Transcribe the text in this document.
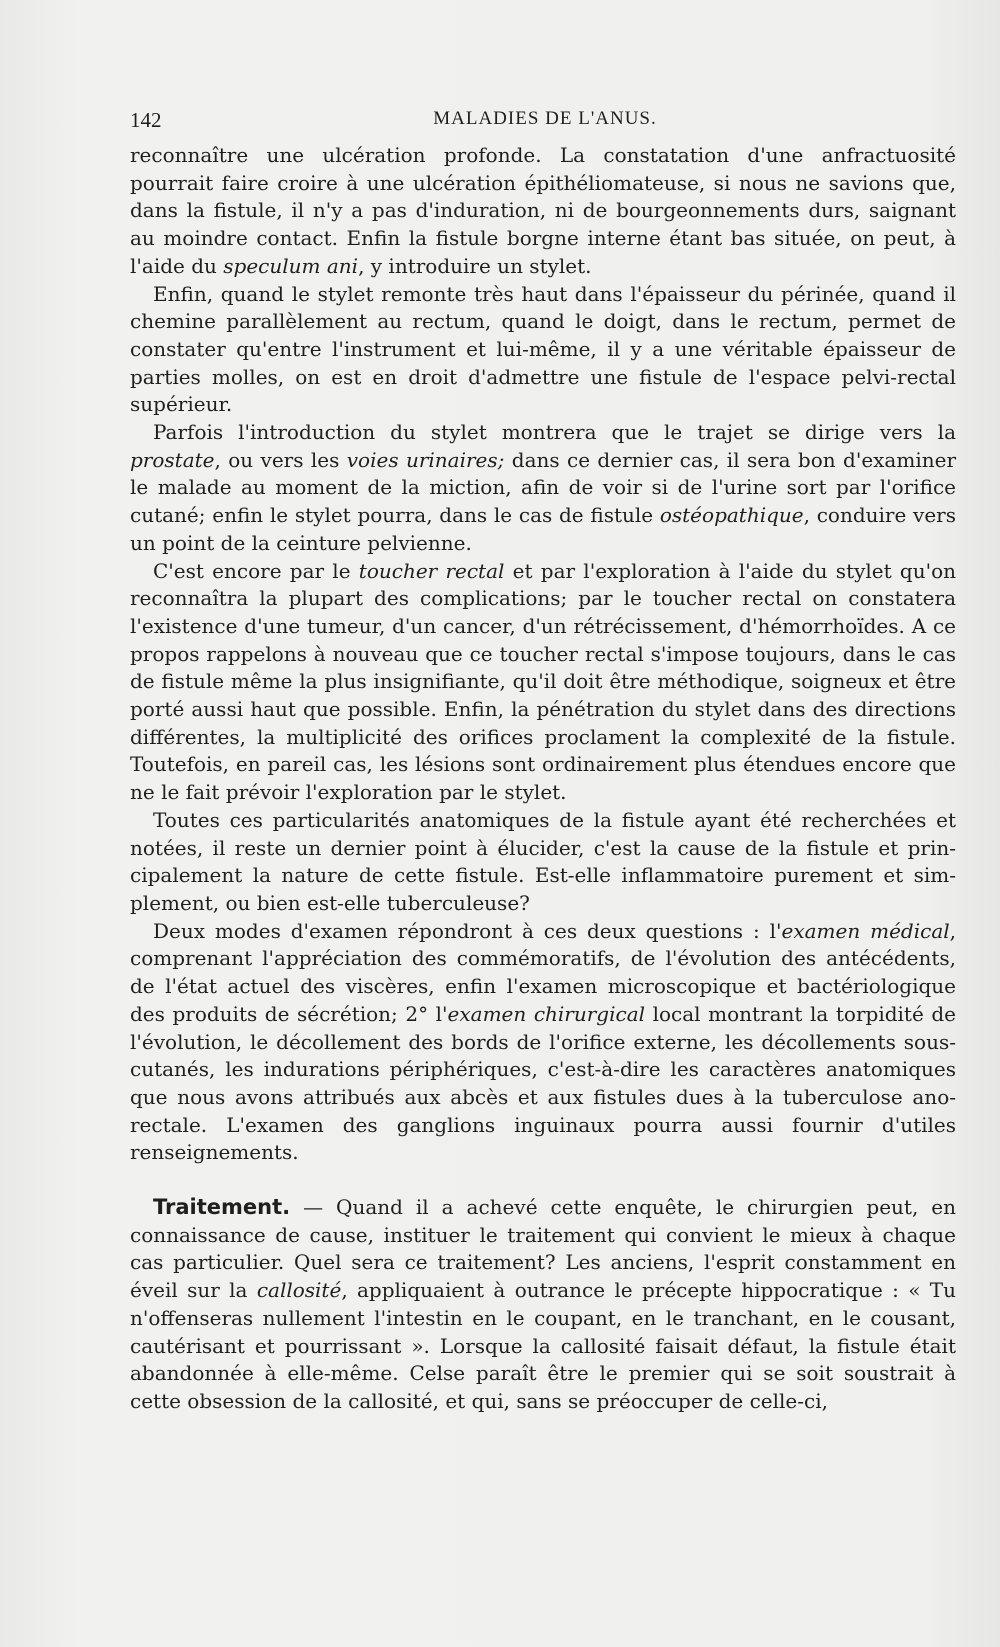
142	MALADIES DE L'ANUS.

reconnaître une ulcération profonde. La constatation d'une anfractuosité pourrait faire croire à une ulcération épithéliomateuse, si nous ne savions que, dans la fistule, il n'y a pas d'induration, ni de bourgeonnements durs, saignant au moindre contact. Enfin la fistule borgne interne étant bas située, on peut, à l'aide du speculum ani, y introduire un stylet.

Enfin, quand le stylet remonte très haut dans l'épaisseur du périnée, quand il chemine parallèlement au rectum, quand le doigt, dans le rectum, permet de constater qu'entre l'instrument et lui-même, il y a une véritable épaisseur de parties molles, on est en droit d'admettre une fistule de l'espace pelvi-rectal supérieur.

Parfois l'introduction du stylet montrera que le trajet se dirige vers la prostate, ou vers les voies urinaires; dans ce dernier cas, il sera bon d'examiner le malade au moment de la miction, afin de voir si de l'urine sort par l'orifice cutané; enfin le stylet pourra, dans le cas de fistule ostéopathique, conduire vers un point de la ceinture pelvienne.

C'est encore par le toucher rectal et par l'exploration à l'aide du stylet qu'on reconnaîtra la plupart des complications; par le toucher rectal on constatera l'existence d'une tumeur, d'un cancer, d'un rétrécissement, d'hémorrhoïdes. A ce propos rappelons à nouveau que ce toucher rectal s'impose toujours, dans le cas de fistule même la plus insignifiante, qu'il doit être méthodique, soigneux et être porté aussi haut que possible. Enfin, la pénétration du stylet dans des directions différentes, la multiplicité des orifices proclament la complexité de la fistule. Toutefois, en pareil cas, les lésions sont ordinairement plus étendues encore que ne le fait prévoir l'exploration par le stylet.

Toutes ces particularités anatomiques de la fistule ayant été recherchées et notées, il reste un dernier point à élucider, c'est la cause de la fistule et principalement la nature de cette fistule. Est-elle inflammatoire purement et simplement, ou bien est-elle tuberculeuse?

Deux modes d'examen répondront à ces deux questions : l'examen médical, comprenant l'appréciation des commémoratifs, de l'évolution des antécédents, de l'état actuel des viscères, enfin l'examen microscopique et bactériologique des produits de sécrétion; 2° l'examen chirurgical local montrant la torpidité de l'évolution, le décollement des bords de l'orifice externe, les décollements sous-cutanés, les indurations périphériques, c'est-à-dire les caractères anatomiques que nous avons attribués aux abcès et aux fistules dues à la tuberculose ano-rectale. L'examen des ganglions inguinaux pourra aussi fournir d'utiles renseignements.

Traitement. — Quand il a achevé cette enquête, le chirurgien peut, en connaissance de cause, instituer le traitement qui convient le mieux à chaque cas particulier. Quel sera ce traitement? Les anciens, l'esprit constamment en éveil sur la callosité, appliquaient à outrance le précepte hippocratique : « Tu n'offenseras nullement l'intestin en le coupant, en le tranchant, en le cousant, cautérisant et pourrissant ». Lorsque la callosité faisait défaut, la fistule était abandonnée à elle-même. Celse paraît être le premier qui se soit soustrait à cette obsession de la callosité, et qui, sans se préoccuper de celle-ci,
